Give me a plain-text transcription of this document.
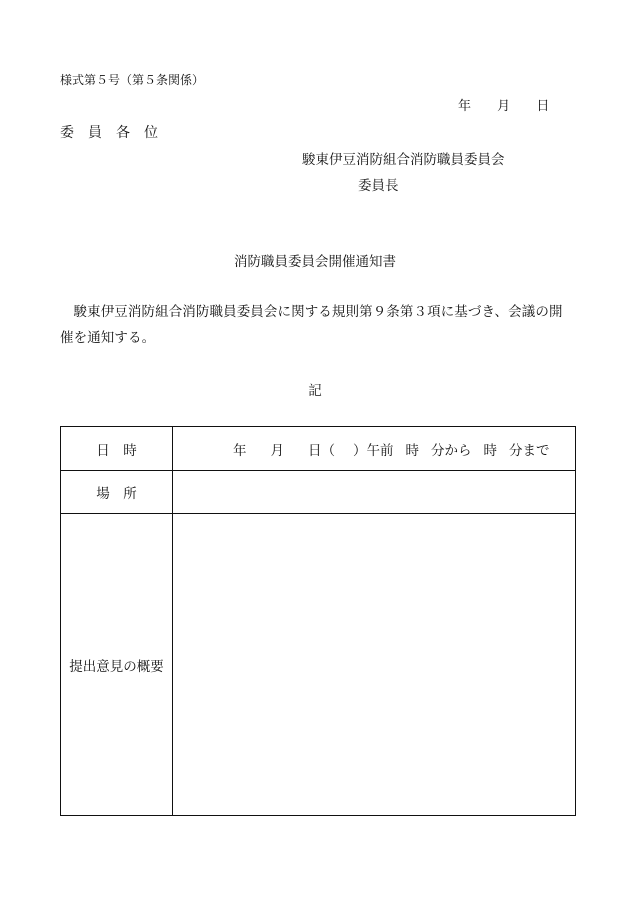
様式第５号（第５条関係）
年 月 日
委員各位
駿東伊豆消防組合消防職員委員会
委員長
消防職員委員会開催通知書
駿東伊豆消防組合消防職員委員会に関する規則第９条第３項に基づき、会議の開催を通知する。
記
日　時	年 月 日（ ）午前 時 分から 時 分まで
場　所
提出意見の概要
